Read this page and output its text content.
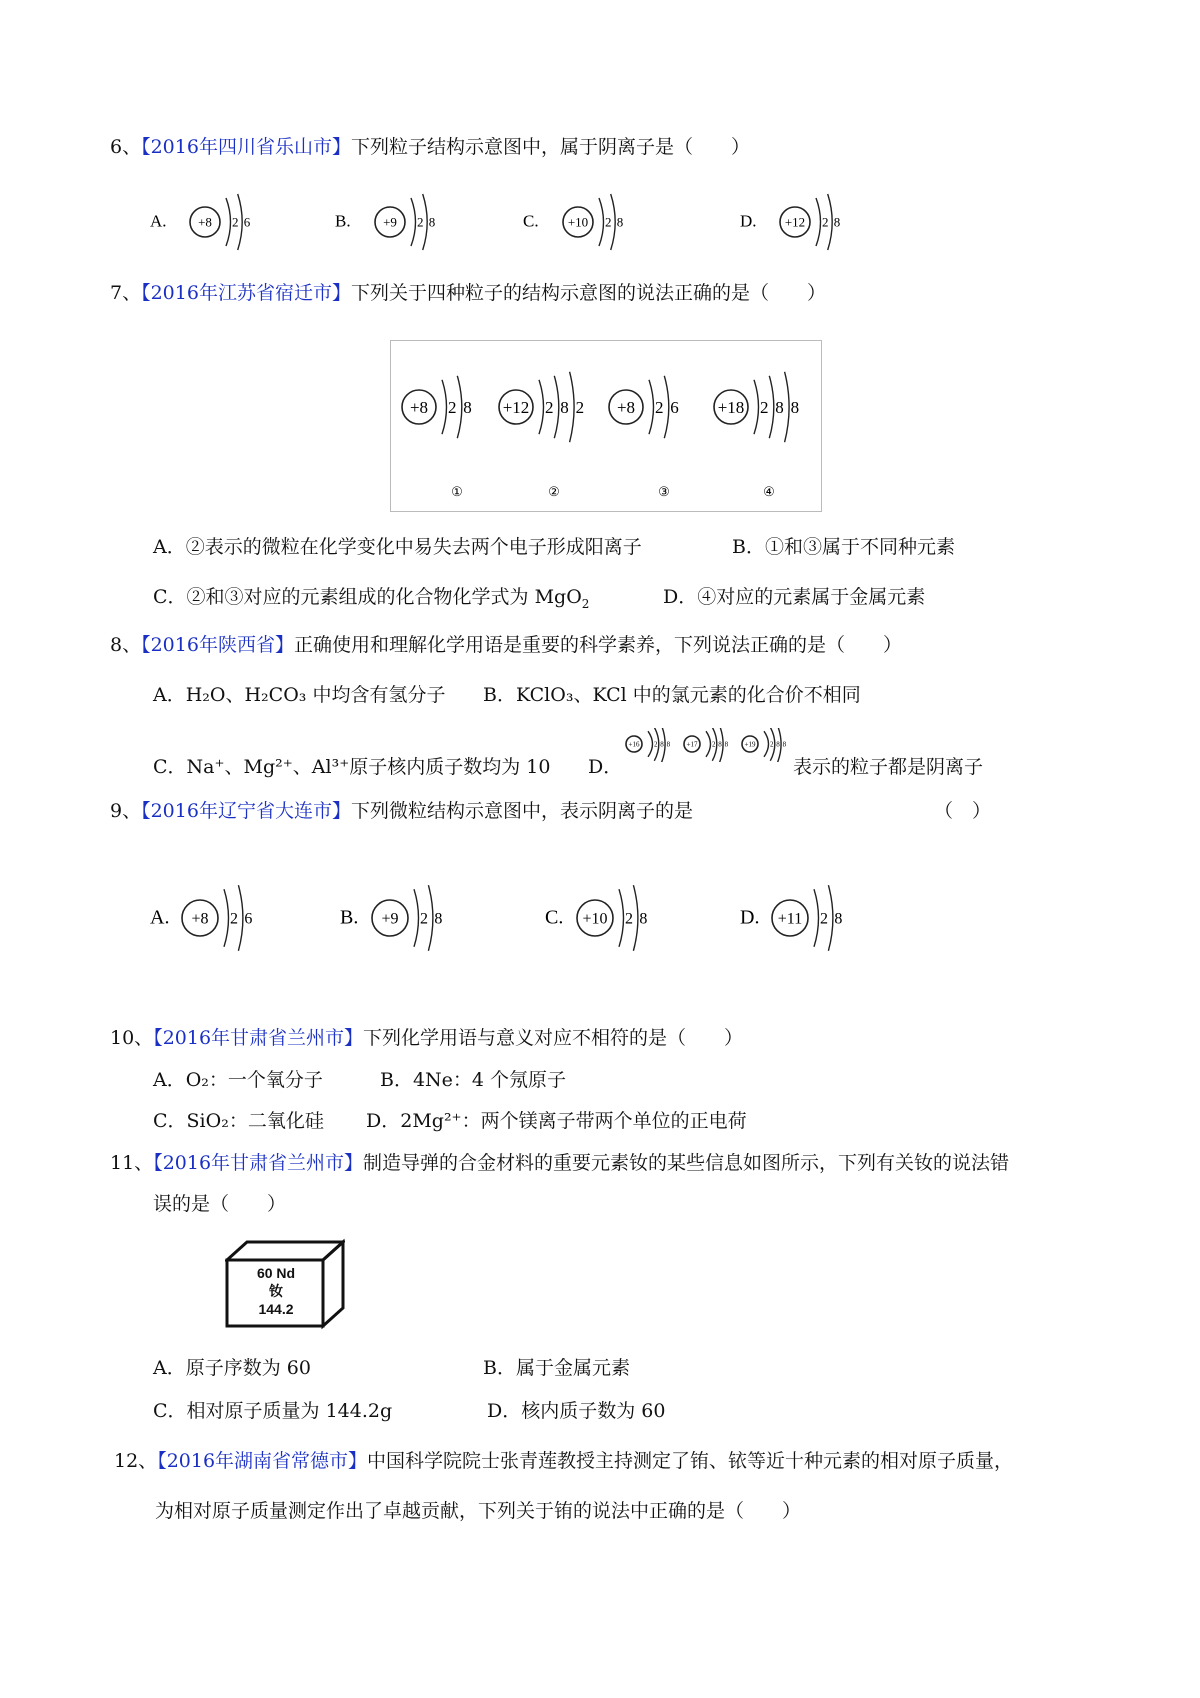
6、【2016年四川省乐山市】下列粒子结构示意图中，属于阴离子是（　　）
A. +8 2 6	B. +9 2 8	C. +10 2 8	D. +12 2 8
7、【2016年江苏省宿迁市】下列关于四种粒子的结构示意图的说法正确的是（　　）
+8 2 8
①
+12 2 8 2
②
+8 2 6
③
+18 2 8 8
④
A．②表示的微粒在化学变化中易失去两个电子形成阳离子	B．①和③属于不同种元素
C．②和③对应的元素组成的化合物化学式为 MgO$_2$	D．④对应的元素属于金属元素
8、【2016年陕西省】正确使用和理解化学用语是重要的科学素养，下列说法正确的是（　　）
A．H₂O、H₂CO₃ 中均含有氢分子 B．KClO₃、KCl 中的氯元素的化合价不相同
C．Na⁺、Mg²⁺、Al³⁺原子核内质子数均为 10 D．
+16 2 8 8 +17 2 8 8 +19 2 8 8
表示的粒子都是阴离子
9、【2016年辽宁省大连市】下列微粒结构示意图中，表示阴离子的是	（　）
A. +8 2 6	B. +9 2 8	C. +10 2 8	D. +11 2 8
10、【2016年甘肃省兰州市】下列化学用语与意义对应不相符的是（　　）
A．O₂：一个氧分子	B．4Ne：4 个氖原子
C．SiO₂：二氧化硅 D．2Mg²⁺：两个镁离子带两个单位的正电荷
11、【2016年甘肃省兰州市】制造导弹的合金材料的重要元素钕的某些信息如图所示，下列有关钕的说法错
误的是（　　）
60 Nd
钕
144.2
A．原子序数为 60	B．属于金属元素
C．相对原子质量为 144.2g	D．核内质子数为 60
12、【2016年湖南省常德市】中国科学院院士张青莲教授主持测定了铕、铱等近十种元素的相对原子质量，
为相对原子质量测定作出了卓越贡献，下列关于铕的说法中正确的是（　　）
